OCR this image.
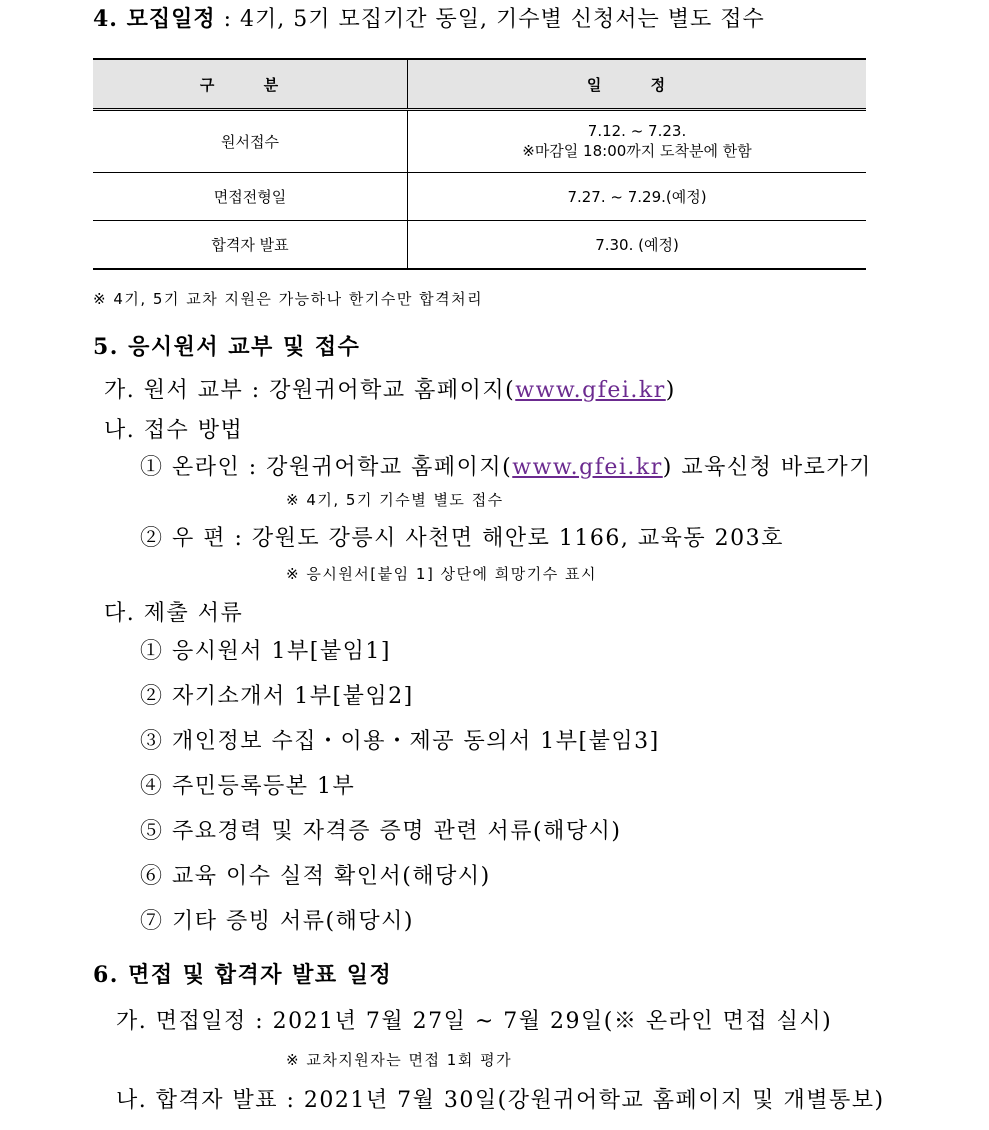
4. 모집일정 : 4기, 5기 모집기간 동일, 기수별 신청서는 별도 접수
구 분	일 정
원서접수	7.12. ~ 7.23.
※마감일 18:00까지 도착분에 한함

면접전형일	7.27. ~ 7.29.(예정)
합격자 발표	7.30. (예정)
※ 4기, 5기 교차 지원은 가능하나 한기수만 합격처리
5. 응시원서 교부 및 접수
가. 원서 교부 : 강원귀어학교 홈페이지(www.gfei.kr)
나. 접수 방법
① 온라인 : 강원귀어학교 홈페이지(www.gfei.kr) 교육신청 바로가기
※ 4기, 5기 기수별 별도 접수
② 우 편 : 강원도 강릉시 사천면 해안로 1166, 교육동 203호
※ 응시원서[붙임 1] 상단에 희망기수 표시
다. 제출 서류
① 응시원서 1부[붙임1]
② 자기소개서 1부[붙임2]
③ 개인정보 수집・이용・제공 동의서 1부[붙임3]
④ 주민등록등본 1부
⑤ 주요경력 및 자격증 증명 관련 서류(해당시)
⑥ 교육 이수 실적 확인서(해당시)
⑦ 기타 증빙 서류(해당시)
6. 면접 및 합격자 발표 일정
가. 면접일정 : 2021년 7월 27일 ~ 7월 29일(※ 온라인 면접 실시)
※ 교차지원자는 면접 1회 평가
나. 합격자 발표 : 2021년 7월 30일(강원귀어학교 홈페이지 및 개별통보)
